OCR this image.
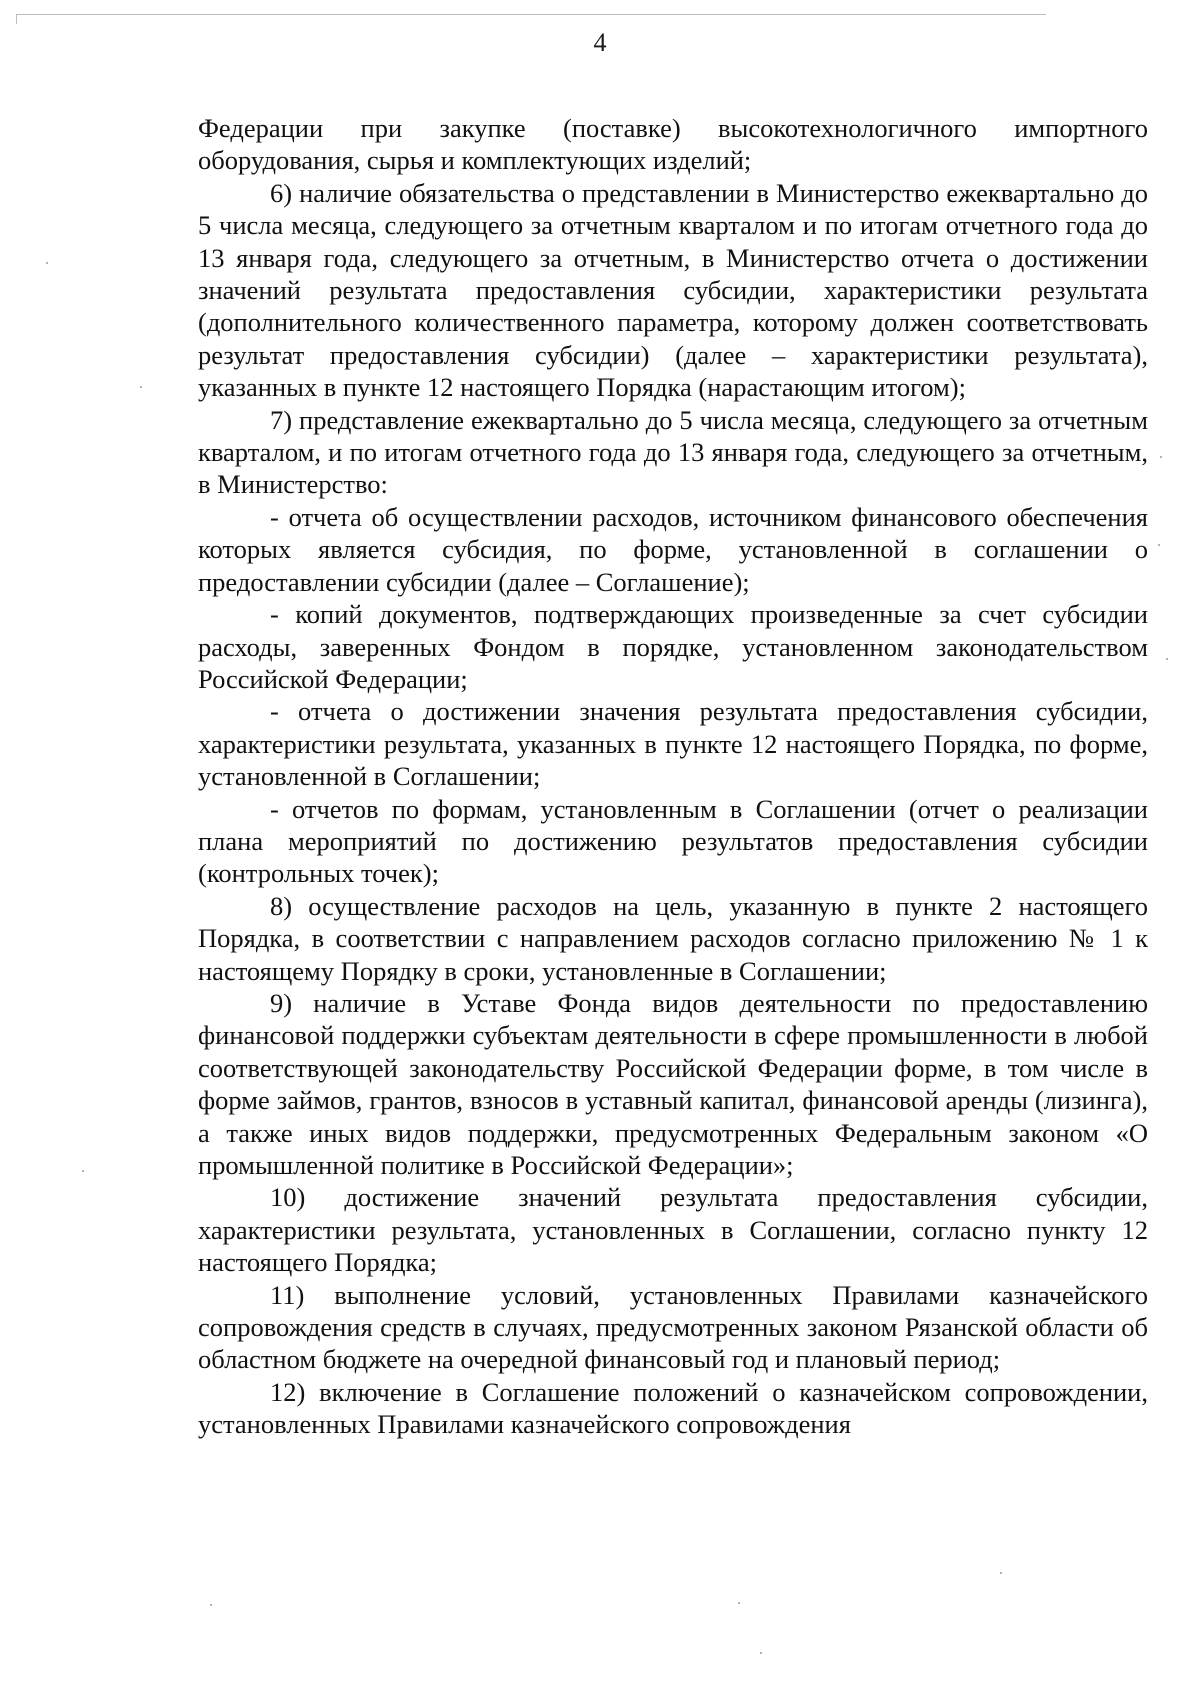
4

Федерации при закупке (поставке) высокотехнологичного импортного оборудования, сырья и комплектующих изделий;

6) наличие обязательства о представлении в Министерство ежеквартально до 5 числа месяца, следующего за отчетным кварталом и по итогам отчетного года до 13 января года, следующего за отчетным, в Министерство отчета о достижении значений результата предоставления субсидии, характеристики результата (дополнительного количественного параметра, которому должен соответствовать результат предоставления субсидии) (далее – характеристики результата), указанных в пункте 12 настоящего Порядка (нарастающим итогом);

7) представление ежеквартально до 5 числа месяца, следующего за отчетным кварталом, и по итогам отчетного года до 13 января года, следующего за отчетным, в Министерство:

- отчета об осуществлении расходов, источником финансового обеспечения которых является субсидия, по форме, установленной в соглашении о предоставлении субсидии (далее – Соглашение);

- копий документов, подтверждающих произведенные за счет субсидии расходы, заверенных Фондом в порядке, установленном законодательством Российской Федерации;

- отчета о достижении значения результата предоставления субсидии, характеристики результата, указанных в пункте 12 настоящего Порядка, по форме, установленной в Соглашении;

- отчетов по формам, установленным в Соглашении (отчет о реализации плана мероприятий по достижению результатов предоставления субсидии (контрольных точек);

8) осуществление расходов на цель, указанную в пункте 2 настоящего Порядка, в соответствии с направлением расходов согласно приложению № 1 к настоящему Порядку в сроки, установленные в Соглашении;

9) наличие в Уставе Фонда видов деятельности по предоставлению финансовой поддержки субъектам деятельности в сфере промышленности в любой соответствующей законодательству Российской Федерации форме, в том числе в форме займов, грантов, взносов в уставный капитал, финансовой аренды (лизинга), а также иных видов поддержки, предусмотренных Федеральным законом «О промышленной политике в Российской Федерации»;

10) достижение значений результата предоставления субсидии, характеристики результата, установленных в Соглашении, согласно пункту 12 настоящего Порядка;

11) выполнение условий, установленных Правилами казначейского сопровождения средств в случаях, предусмотренных законом Рязанской области об областном бюджете на очередной финансовый год и плановый период;

12) включение в Соглашение положений о казначейском сопровождении, установленных Правилами казначейского сопровождения
